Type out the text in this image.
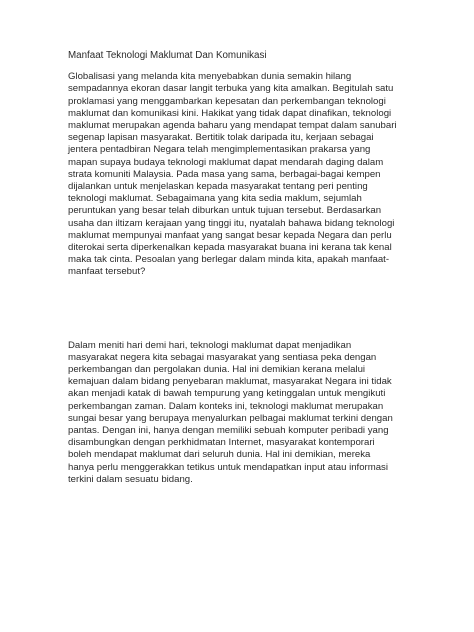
Manfaat Teknologi Maklumat Dan Komunikasi
Globalisasi yang melanda kita menyebabkan dunia semakin hilang
sempadannya ekoran dasar langit terbuka yang kita amalkan. Begitulah satu
proklamasi yang menggambarkan kepesatan dan perkembangan teknologi
maklumat dan komunikasi kini. Hakikat yang tidak dapat dinafikan, teknologi
maklumat merupakan agenda baharu yang mendapat tempat dalam sanubari
segenap lapisan masyarakat. Bertitik tolak daripada itu, kerjaan sebagai
jentera pentadbiran Negara telah mengimplementasikan prakarsa yang
mapan supaya budaya teknologi maklumat dapat mendarah daging dalam
strata komuniti Malaysia. Pada masa yang sama, berbagai-bagai kempen
dijalankan untuk menjelaskan kepada masyarakat tentang peri penting
teknologi maklumat. Sebagaimana yang kita sedia maklum, sejumlah
peruntukan yang besar telah diburkan untuk tujuan tersebut. Berdasarkan
usaha dan iltizam kerajaan yang tinggi itu, nyatalah bahawa bidang teknologi
maklumat mempunyai manfaat yang sangat besar kepada Negara dan perlu
diterokai serta diperkenalkan kepada masyarakat buana ini kerana tak kenal
maka tak cinta. Pesoalan yang berlegar dalam minda kita, apakah manfaat-
manfaat tersebut?
Dalam meniti hari demi hari, teknologi maklumat dapat menjadikan
masyarakat negera kita sebagai masyarakat yang sentiasa peka dengan
perkembangan dan pergolakan dunia. Hal ini demikian kerana melalui
kemajuan dalam bidang penyebaran maklumat, masyarakat Negara ini tidak
akan menjadi katak di bawah tempurung yang ketinggalan untuk mengikuti
perkembangan zaman. Dalam konteks ini, teknologi maklumat merupakan
sungai besar yang berupaya menyalurkan pelbagai maklumat terkini dengan
pantas. Dengan ini, hanya dengan memiliki sebuah komputer peribadi yang
disambungkan dengan perkhidmatan Internet, masyarakat kontemporari
boleh mendapat maklumat dari seluruh dunia. Hal ini demikian, mereka
hanya perlu menggerakkan tetikus untuk mendapatkan input atau informasi
terkini dalam sesuatu bidang.
